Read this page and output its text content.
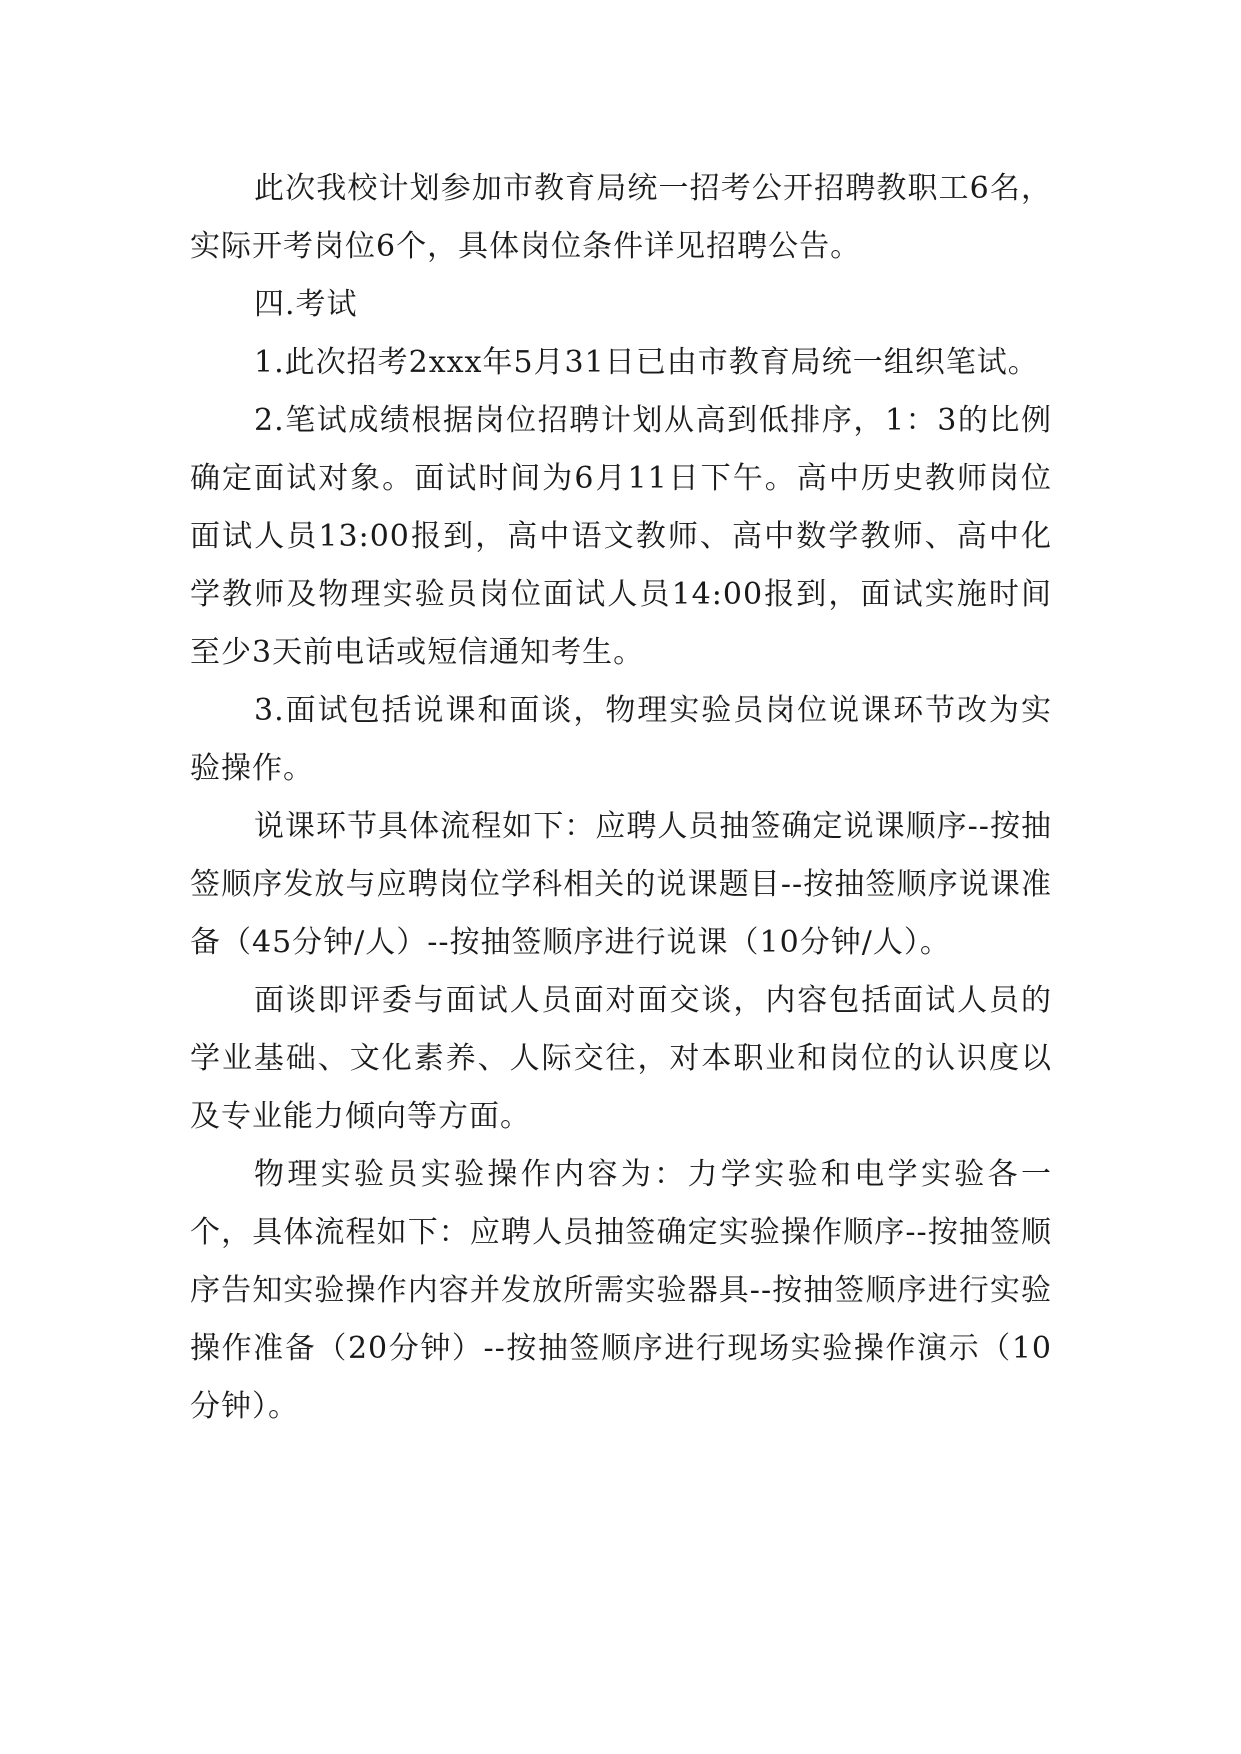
此次我校计划参加市教育局统一招考公开招聘教职工6名，实际开考岗位6个，具体岗位条件详见招聘公告。

四.考试

1.此次招考2xxx年5月31日已由市教育局统一组织笔试。

2.笔试成绩根据岗位招聘计划从高到低排序，1：3的比例确定面试对象。面试时间为6月11日下午。高中历史教师岗位面试人员13:00报到，高中语文教师、高中数学教师、高中化学教师及物理实验员岗位面试人员14:00报到，面试实施时间至少3天前电话或短信通知考生。

3.面试包括说课和面谈，物理实验员岗位说课环节改为实验操作。

说课环节具体流程如下：应聘人员抽签确定说课顺序--按抽签顺序发放与应聘岗位学科相关的说课题目--按抽签顺序说课准备（45分钟/人）--按抽签顺序进行说课（10分钟/人）。

面谈即评委与面试人员面对面交谈，内容包括面试人员的学业基础、文化素养、人际交往，对本职业和岗位的认识度以及专业能力倾向等方面。

物理实验员实验操作内容为：力学实验和电学实验各一个，具体流程如下：应聘人员抽签确定实验操作顺序--按抽签顺序告知实验操作内容并发放所需实验器具--按抽签顺序进行实验操作准备（20分钟）--按抽签顺序进行现场实验操作演示（10分钟）。
